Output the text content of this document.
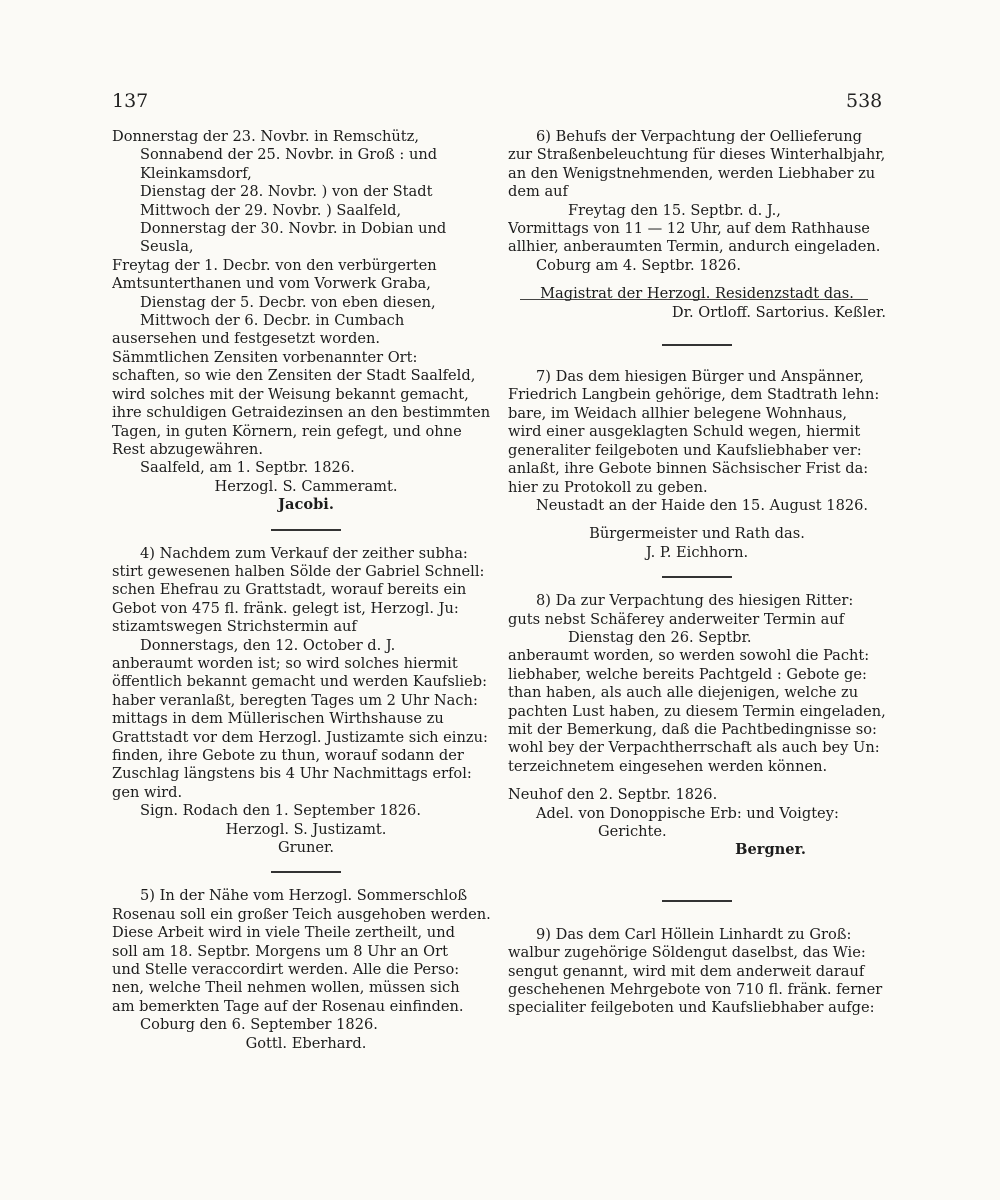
137	538
Donnerstag der 23. Novbr. in Remschütz,
Sonnabend der 25. Novbr. in Groß : und
Kleinkamsdorf,
Dienstag der 28. Novbr. ) von der Stadt
Mittwoch der 29. Novbr. ) Saalfeld,
Donnerstag der 30. Novbr. in Dobian und
Seusla,
Freytag der 1. Decbr. von den verbürgerten
Amtsunterthanen und vom Vorwerk Graba,
Dienstag der 5. Decbr. von eben diesen,
Mittwoch der 6. Decbr. in Cumbach
ausersehen und festgesetzt worden.
Sämmtlichen Zensiten vorbenannter Ort:
schaften, so wie den Zensiten der Stadt Saalfeld,
wird solches mit der Weisung bekannt gemacht,
ihre schuldigen Getraidezinsen an den bestimmten
Tagen, in guten Körnern, rein gefegt, und ohne
Rest abzugewähren.
Saalfeld, am 1. Septbr. 1826.
Herzogl. S. Cammeramt.
Jacobi.
4) Nachdem zum Verkauf der zeither subha:
stirt gewesenen halben Sölde der Gabriel Schnell:
schen Ehefrau zu Grattstadt, worauf bereits ein
Gebot von 475 fl. fränk. gelegt ist, Herzogl. Ju:
stizamtswegen Strichstermin auf
Donnerstags, den 12. October d. J.
anberaumt worden ist; so wird solches hiermit
öffentlich bekannt gemacht und werden Kaufslieb:
haber veranlaßt, beregten Tages um 2 Uhr Nach:
mittags in dem Müllerischen Wirthshause zu
Grattstadt vor dem Herzogl. Justizamte sich einzu:
finden, ihre Gebote zu thun, worauf sodann der
Zuschlag längstens bis 4 Uhr Nachmittags erfol:
gen wird.
Sign. Rodach den 1. September 1826.
Herzogl. S. Justizamt.
Gruner.
5) In der Nähe vom Herzogl. Sommerschloß
Rosenau soll ein großer Teich ausgehoben werden.
Diese Arbeit wird in viele Theile zertheilt, und
soll am 18. Septbr. Morgens um 8 Uhr an Ort
und Stelle veraccordirt werden. Alle die Perso:
nen, welche Theil nehmen wollen, müssen sich
am bemerkten Tage auf der Rosenau einfinden.
Coburg den 6. September 1826.
Gottl. Eberhard.
6) Behufs der Verpachtung der Oellieferung
zur Straßenbeleuchtung für dieses Winterhalbjahr,
an den Wenigstnehmenden, werden Liebhaber zu
dem auf
Freytag den 15. Septbr. d. J.,
Vormittags von 11 — 12 Uhr, auf dem Rathhause
allhier, anberaumten Termin, andurch eingeladen.
Coburg am 4. Septbr. 1826.
Magistrat der Herzogl. Residenzstadt das.
Dr. Ortloff. Sartorius. Keßler.
7) Das dem hiesigen Bürger und Anspänner,
Friedrich Langbein gehörige, dem Stadtrath lehn:
bare, im Weidach allhier belegene Wohnhaus,
wird einer ausgeklagten Schuld wegen, hiermit
generaliter feilgeboten und Kaufsliebhaber ver:
anlaßt, ihre Gebote binnen Sächsischer Frist da:
hier zu Protokoll zu geben.
Neustadt an der Haide den 15. August 1826.
Bürgermeister und Rath das.
J. P. Eichhorn.
8) Da zur Verpachtung des hiesigen Ritter:
guts nebst Schäferey anderweiter Termin auf
Dienstag den 26. Septbr.
anberaumt worden, so werden sowohl die Pacht:
liebhaber, welche bereits Pachtgeld : Gebote ge:
than haben, als auch alle diejenigen, welche zu
pachten Lust haben, zu diesem Termin eingeladen,
mit der Bemerkung, daß die Pachtbedingnisse so:
wohl bey der Verpachtherrschaft als auch bey Un:
terzeichnetem eingesehen werden können.
Neuhof den 2. Septbr. 1826.
Adel. von Donoppische Erb: und Voigtey:
Gerichte.
Bergner.
9) Das dem Carl Höllein Linhardt zu Groß:
walbur zugehörige Söldengut daselbst, das Wie:
sengut genannt, wird mit dem anderweit darauf
geschehenen Mehrgebote von 710 fl. fränk. ferner
specialiter feilgeboten und Kaufsliebhaber aufge:
